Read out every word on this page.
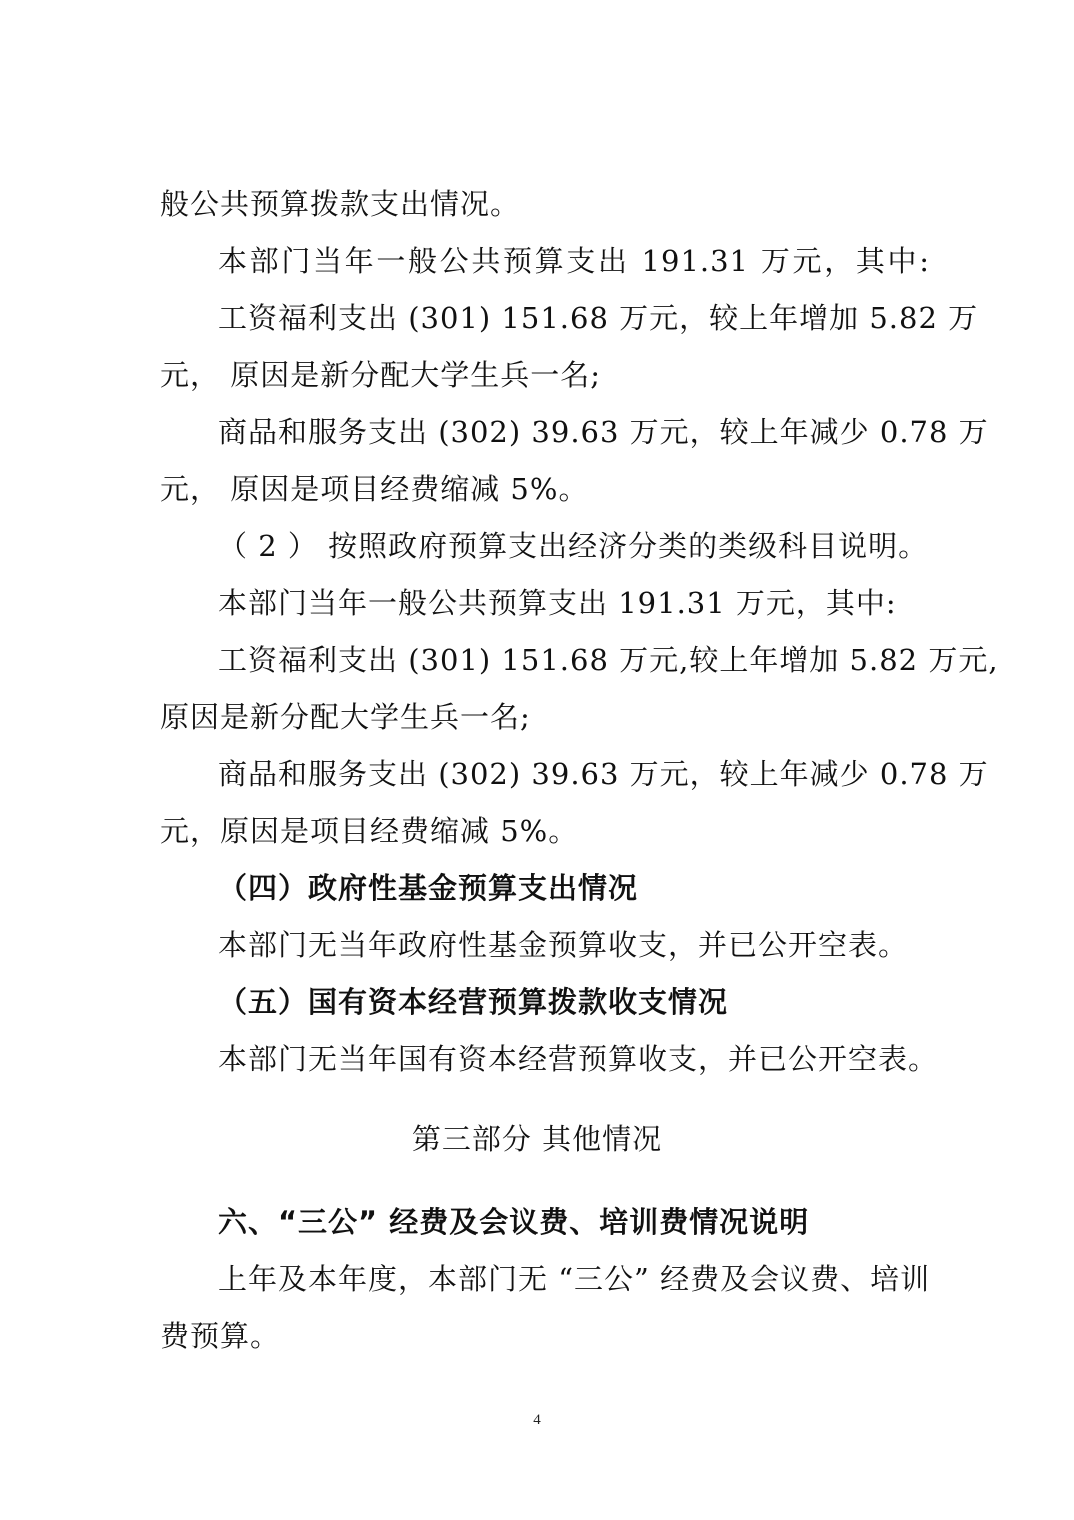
般公共预算拨款支出情况。
本部门当年一般公共预算支出 191.31 万元，其中:
工资福利支出 (301) 151.68 万元，较上年增加 5.82 万
元， 原因是新分配大学生兵一名;
商品和服务支出 (302) 39.63 万元，较上年减少 0.78 万
元， 原因是项目经费缩减 5%。
（ 2 ） 按照政府预算支出经济分类的类级科目说明。
本部门当年一般公共预算支出 191.31 万元，其中:
工资福利支出 (301) 151.68 万元,较上年增加 5.82 万元,
原因是新分配大学生兵一名;
商品和服务支出 (302) 39.63 万元，较上年减少 0.78 万
元，原因是项目经费缩减 5%。
（四）政府性基金预算支出情况
本部门无当年政府性基金预算收支，并已公开空表。
（五）国有资本经营预算拨款收支情况
本部门无当年国有资本经营预算收支，并已公开空表。
第三部分 其他情况
六、“三公” 经费及会议费、培训费情况说明
上年及本年度，本部门无 “三公” 经费及会议费、培训
费预算。
4
